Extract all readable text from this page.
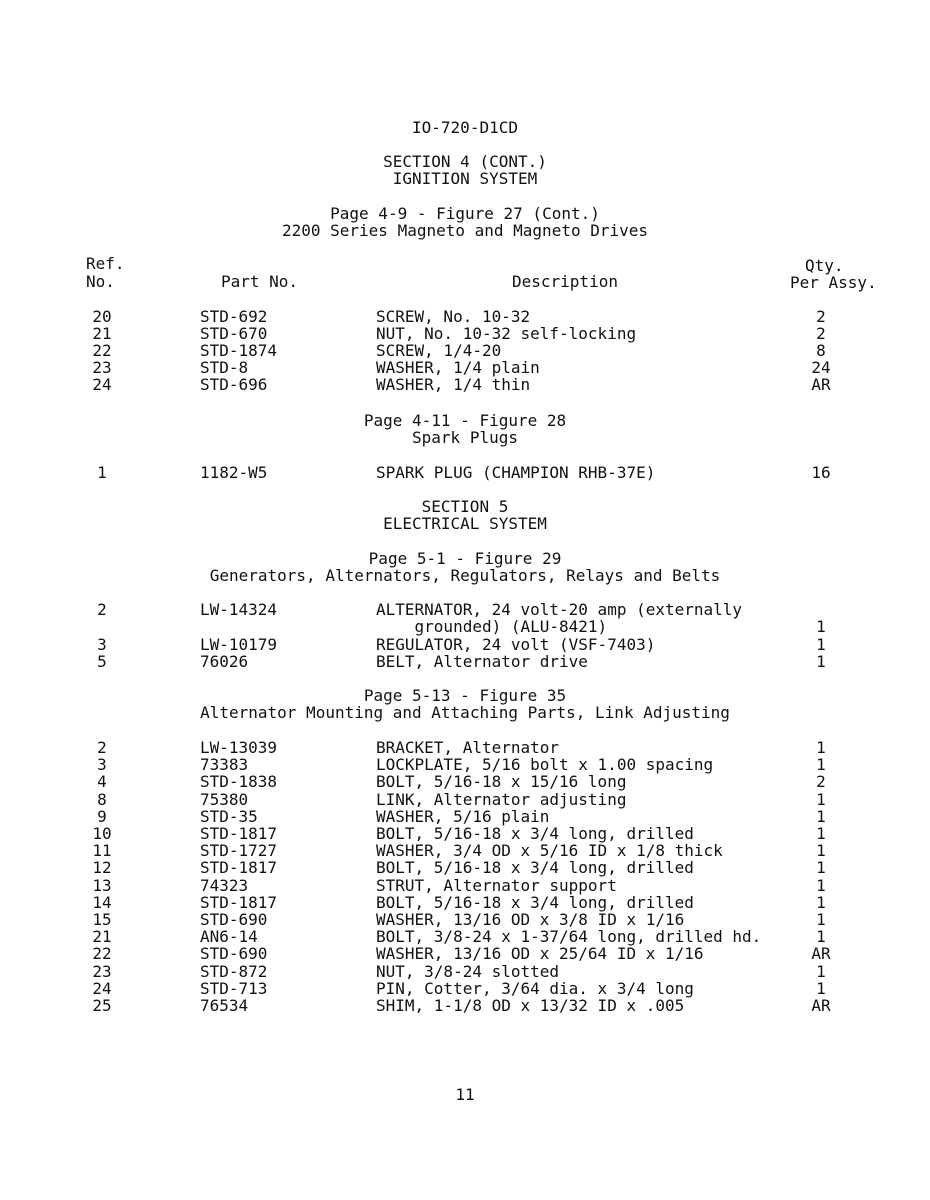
IO-720-D1CD
SECTION 4 (CONT.)
IGNITION SYSTEM
Page 4-9 - Figure 27 (Cont.)
2200 Series Magneto and Magneto Drives
Ref.
No.	Part No.	Description
Qty.
Per Assy.
20	STD-692	SCREW, No. 10-32	2
21	STD-670	NUT, No. 10-32 self-locking	2
22	STD-1874	SCREW, 1/4-20	8
23	STD-8	WASHER, 1/4 plain	24
24	STD-696	WASHER, 1/4 thin	AR
Page 4-11 - Figure 28
Spark Plugs
1	1182-W5	SPARK PLUG (CHAMPION RHB-37E)	16
SECTION 5
ELECTRICAL SYSTEM
Page 5-1 - Figure 29
Generators, Alternators, Regulators, Relays and Belts
2	LW-14324	ALTERNATOR, 24 volt-20 amp (externally
grounded) (ALU-8421)	1
3	LW-10179	REGULATOR, 24 volt (VSF-7403)	1
5	76026	BELT, Alternator drive	1
Page 5-13 - Figure 35
Alternator Mounting and Attaching Parts, Link Adjusting
2	LW-13039	BRACKET, Alternator	1
3	73383	LOCKPLATE, 5/16 bolt x 1.00 spacing	1
4	STD-1838	BOLT, 5/16-18 x 15/16 long	2
8	75380	LINK, Alternator adjusting	1
9	STD-35	WASHER, 5/16 plain	1
10	STD-1817	BOLT, 5/16-18 x 3/4 long, drilled	1
11	STD-1727	WASHER, 3/4 OD x 5/16 ID x 1/8 thick	1
12	STD-1817	BOLT, 5/16-18 x 3/4 long, drilled	1
13	74323	STRUT, Alternator support	1
14	STD-1817	BOLT, 5/16-18 x 3/4 long, drilled	1
15	STD-690	WASHER, 13/16 OD x 3/8 ID x 1/16	1
21	AN6-14	BOLT, 3/8-24 x 1-37/64 long, drilled hd.	1
22	STD-690	WASHER, 13/16 OD x 25/64 ID x 1/16	AR
23	STD-872	NUT, 3/8-24 slotted	1
24	STD-713	PIN, Cotter, 3/64 dia. x 3/4 long	1
25	76534	SHIM, 1-1/8 OD x 13/32 ID x .005	AR
11
